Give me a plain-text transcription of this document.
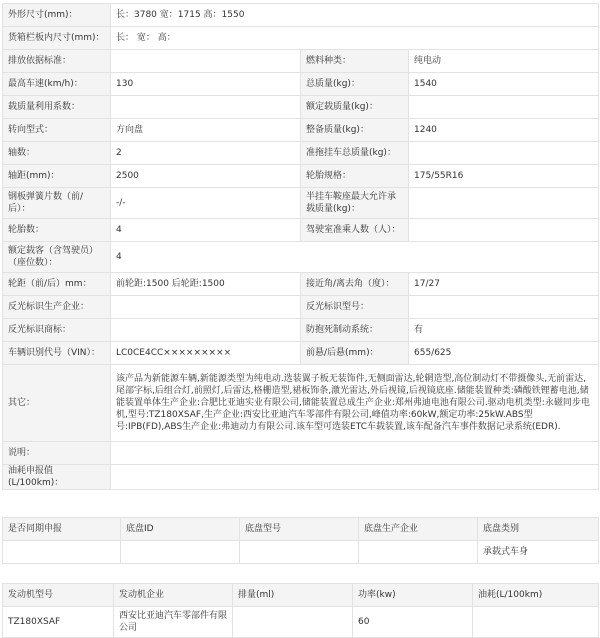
外形尺寸(mm)：	长：3780 宽：1715 高：1550		
货箱栏板内尺寸(mm)：	长： 宽： 高：		
排放依据标准：		燃料种类：	纯电动
最高车速(km/h)：	130	总质量(kg)：	1540
载质量利用系数：		额定载质量(kg)：	
转向型式：	方向盘	整备质量(kg)：	1240
轴数：	2	准拖挂车总质量(kg)：	
轴距(mm)：	2500	轮胎规格：	175/55R16
钢板弹簧片数（前/后）：	-/-	半挂车鞍座最大允许承载质量(kg)：	
轮胎数：	4	驾驶室准乘人数（人）：	
额定载客（含驾驶员）（座位数）：	4		
轮距（前/后）mm：	前轮距:1500 后轮距:1500	接近角/离去角（度）：	17/27
反光标识生产企业：		反光标识型号：	
反光标识商标：		防抱死制动系统：	有
车辆识别代号（VIN）：	LC0CE4CC×××××××××	前悬/后悬(mm)：	655/625
其它：	该产品为新能源车辆,新能源类型为纯电动.选装翼子板无装饰件,无侧面雷达,轮辋造型,高位制动灯不带摄像头,无前雷达,尾部字标,后组合灯,前照灯,后雷达,格栅造型,裙板饰条,激光雷达,外后视镜,后视镜底座.储能装置种类:磷酸铁锂蓄电池,储能装置单体生产企业:合肥比亚迪实业有限公司,储能装置总成生产企业:郑州弗迪电池有限公司.驱动电机类型:永磁同步电机,型号:TZ180XSAF,生产企业:西安比亚迪汽车零部件有限公司,峰值功率:60kW,额定功率:25kW.ABS型号:IPB(FD),ABS生产企业:弗迪动力有限公司.该车型可选装ETC车载装置,该车配备汽车事件数据记录系统(EDR).		
说明：			
油耗申报值(L/100km)：			
是否同期申报	底盘ID	底盘型号	底盘生产企业	底盘类别
				承载式车身
发动机型号	发动机企业	排量(ml)	功率(kw)	油耗(L/100km)
TZ180XSAF	西安比亚迪汽车零部件有限公司		60	
